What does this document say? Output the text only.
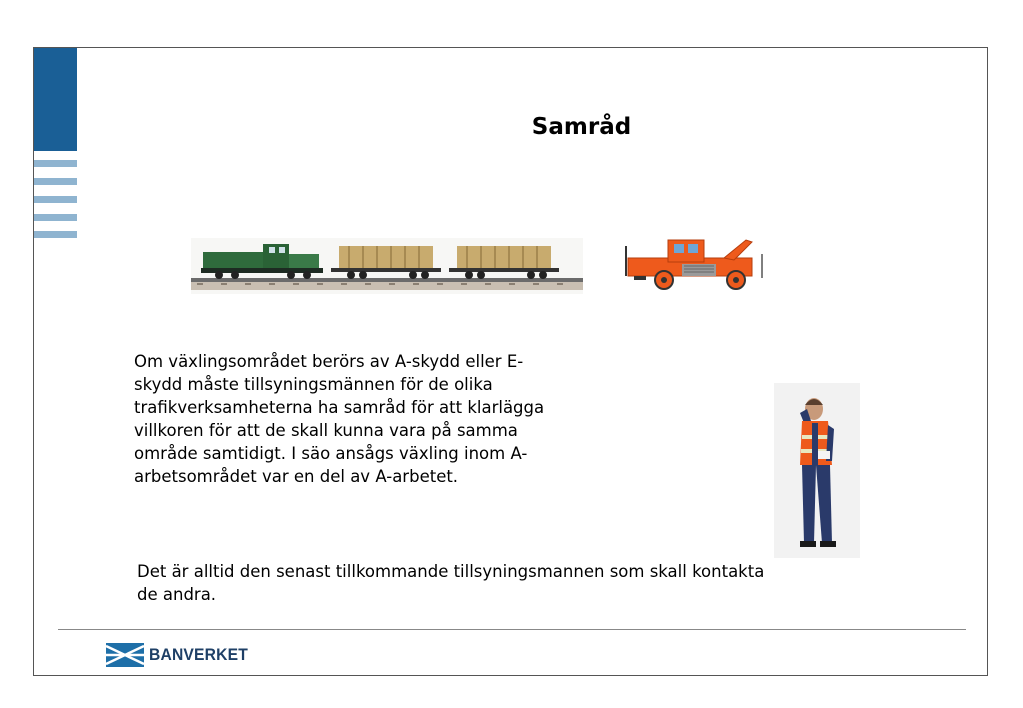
Samråd
Om växlingsområdet berörs av A-skydd eller E-
skydd måste tillsyningsmännen för de olika
trafikverksamheterna ha samråd för att klarlägga
villkoren för att de skall kunna vara på samma
område samtidigt. I säo ansågs växling inom A-
arbetsområdet var en del av A-arbetet.
Det är alltid den senast tillkommande tillsyningsmannen som skall kontakta de andra.
BANVERKET
